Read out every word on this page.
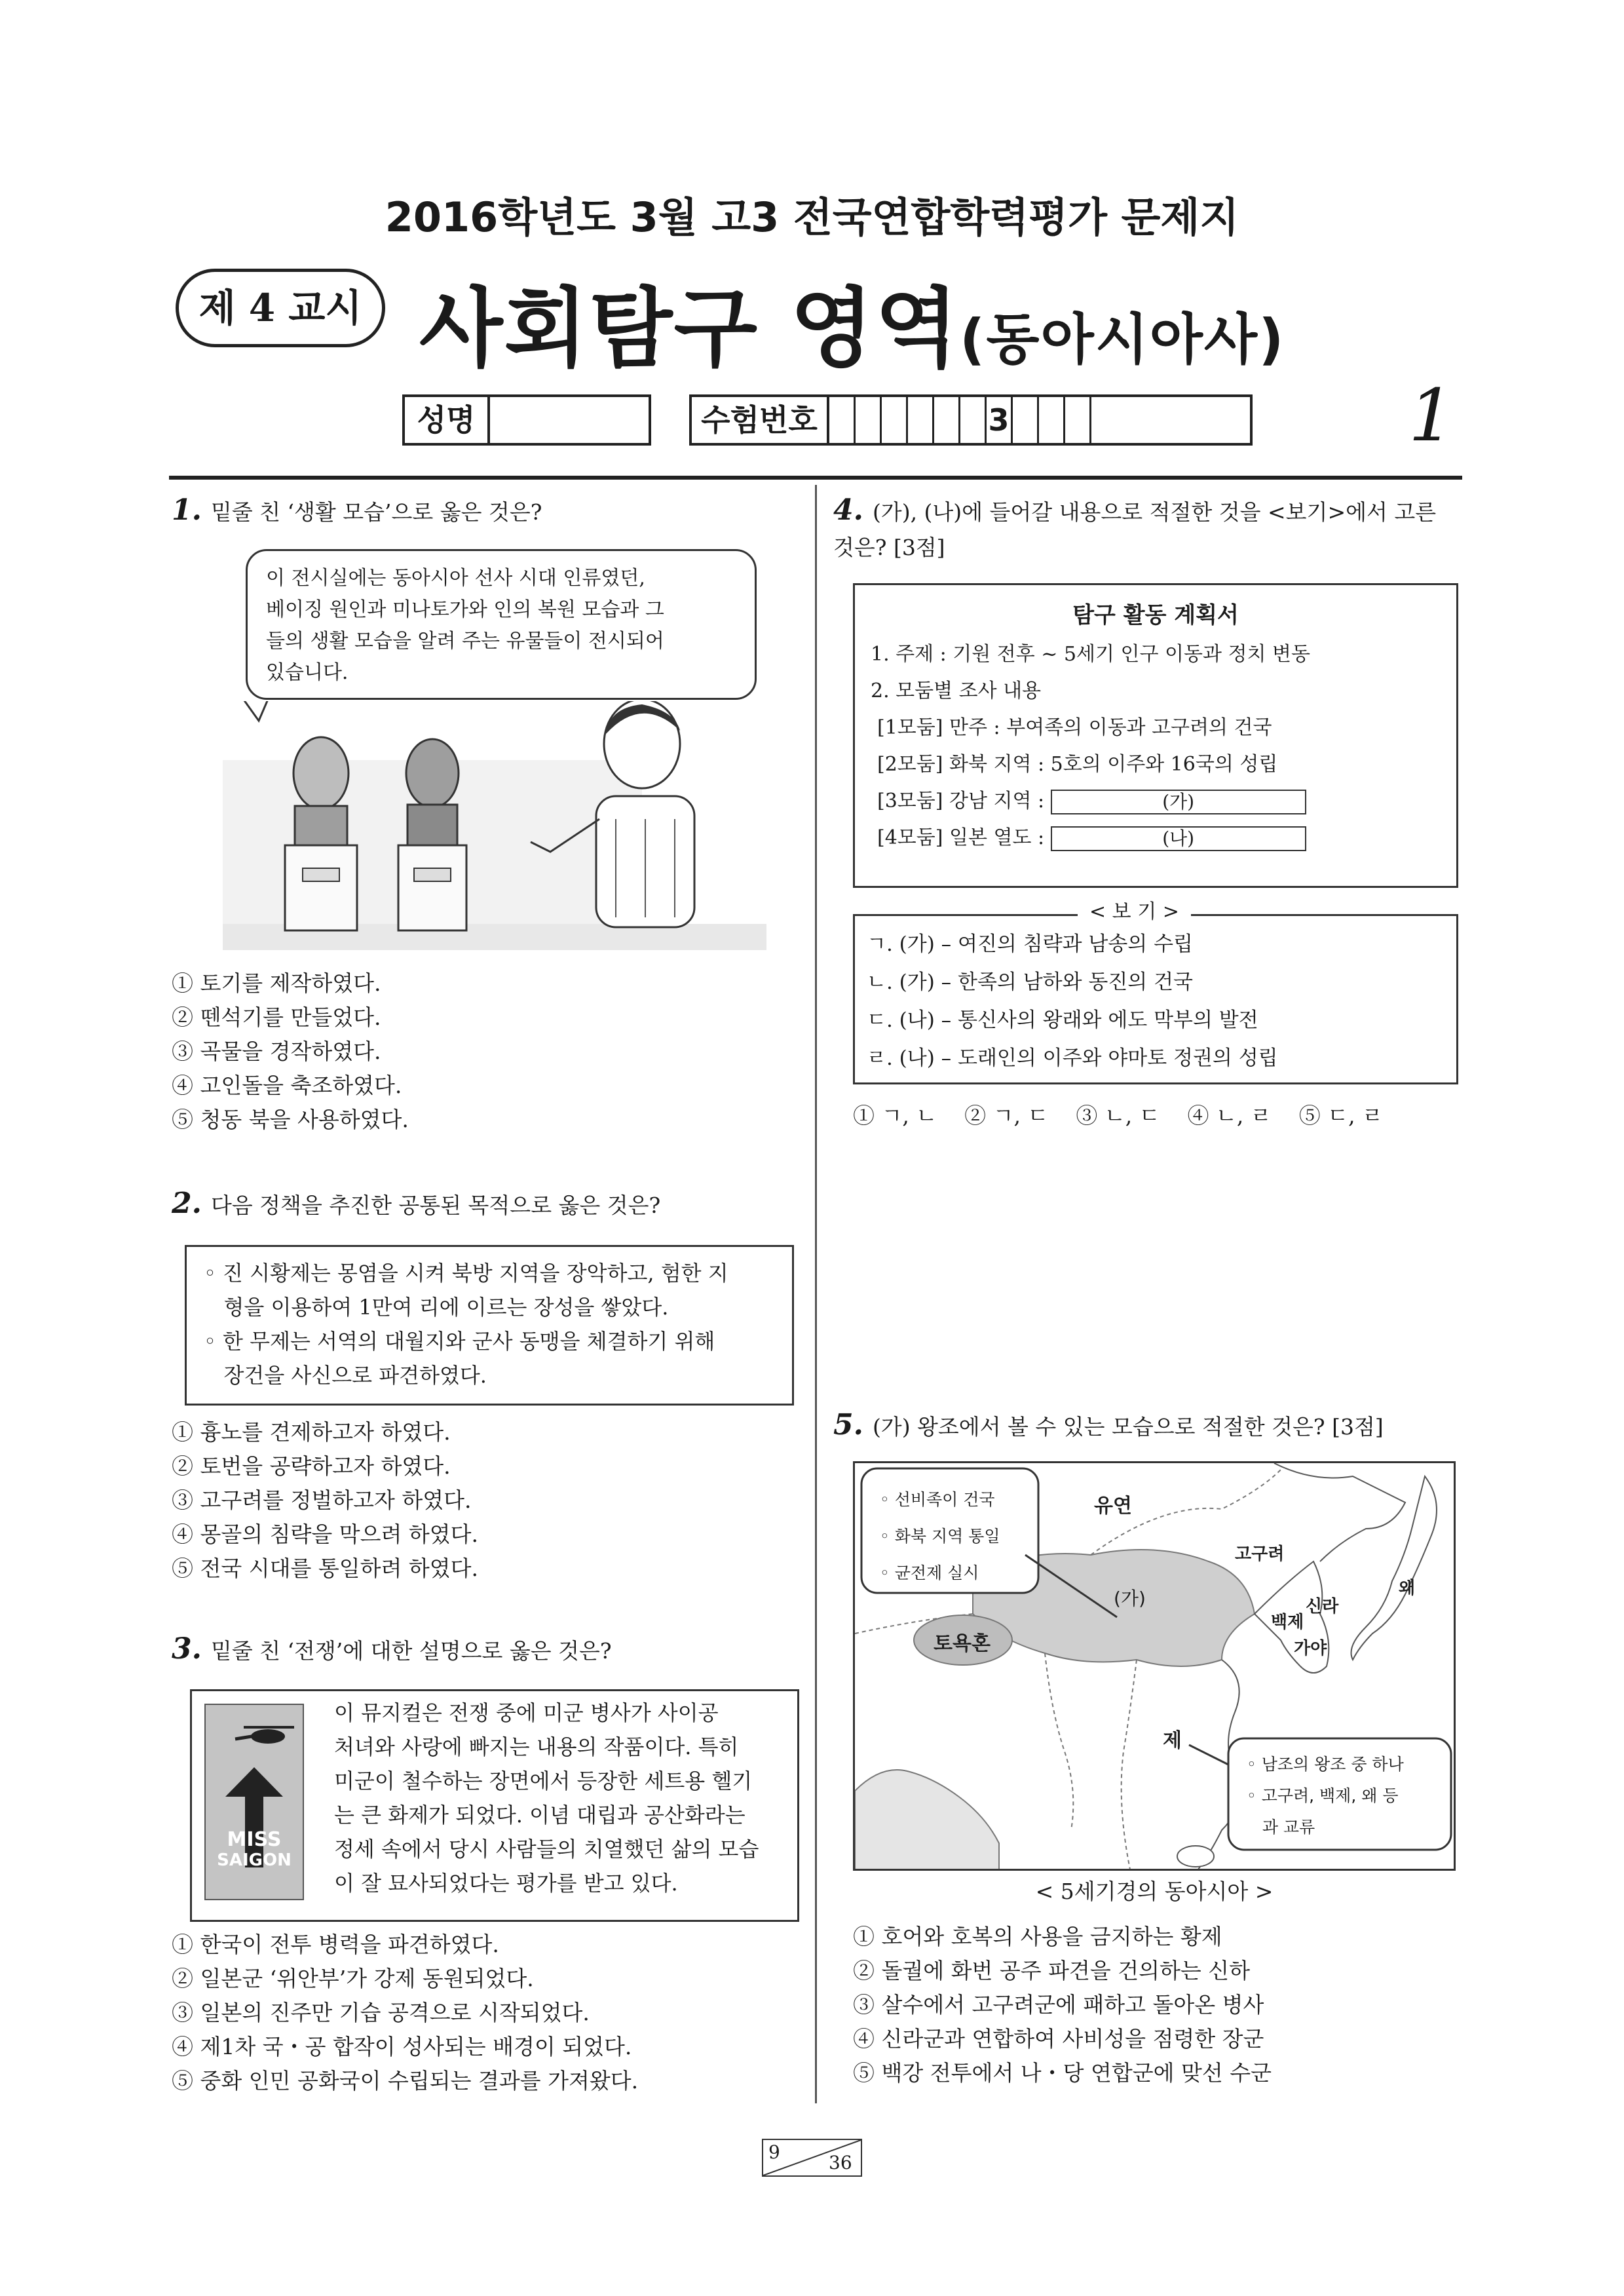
2016학년도 3월 고3 전국연합학력평가 문제지
제 4 교시 사회탐구 영역(동아시아사)
성명	수험번호	3	1
1. 밑줄 친 ‘생활 모습’으로 옳은 것은?
이 전시실에는 동아시아 선사 시대 인류였던,
베이징 원인과 미나토가와 인의 복원 모습과 그
들의 생활 모습을 알려 주는 유물들이 전시되어
있습니다.
① 토기를 제작하였다.
② 뗀석기를 만들었다.
③ 곡물을 경작하였다.
④ 고인돌을 축조하였다.
⑤ 청동 북을 사용하였다.
2. 다음 정책을 추진한 공통된 목적으로 옳은 것은?
◦ 진 시황제는 몽염을 시켜 북방 지역을 장악하고, 험한 지
형을 이용하여 1만여 리에 이르는 장성을 쌓았다.
◦ 한 무제는 서역의 대월지와 군사 동맹을 체결하기 위해
장건을 사신으로 파견하였다.
① 흉노를 견제하고자 하였다.
② 토번을 공략하고자 하였다.
③ 고구려를 정벌하고자 하였다.
④ 몽골의 침략을 막으려 하였다.
⑤ 전국 시대를 통일하려 하였다.
3. 밑줄 친 ‘전쟁’에 대한 설명으로 옳은 것은?
MISS
SAIGON
이 뮤지컬은 전쟁 중에 미군 병사가 사이공
처녀와 사랑에 빠지는 내용의 작품이다. 특히
미군이 철수하는 장면에서 등장한 세트용 헬기
는 큰 화제가 되었다. 이념 대립과 공산화라는
정세 속에서 당시 사람들의 치열했던 삶의 모습
이 잘 묘사되었다는 평가를 받고 있다.
① 한국이 전투 병력을 파견하였다.
② 일본군 ‘위안부’가 강제 동원되었다.
③ 일본의 진주만 기습 공격으로 시작되었다.
④ 제1차 국・공 합작이 성사되는 배경이 되었다.
⑤ 중화 인민 공화국이 수립되는 결과를 가져왔다.
4. (가), (나)에 들어갈 내용으로 적절한 것을 <보기>에서 고른
것은? [3점]
탐구 활동 계획서
1. 주제 : 기원 전후 ~ 5세기 인구 이동과 정치 변동
2. 모둠별 조사 내용
[1모둠] 만주 : 부여족의 이동과 고구려의 건국
[2모둠] 화북 지역 : 5호의 이주와 16국의 성립
[3모둠] 강남 지역 :	(가)
[4모둠] 일본 열도 :	(나)
< 보 기 >
ㄱ. (가) – 여진의 침략과 남송의 수립
ㄴ. (가) – 한족의 남하와 동진의 건국
ㄷ. (나) – 통신사의 왕래와 에도 막부의 발전
ㄹ. (나) – 도래인의 이주와 야마토 정권의 성립
① ㄱ, ㄴ    ② ㄱ, ㄷ    ③ ㄴ, ㄷ    ④ ㄴ, ㄹ    ⑤ ㄷ, ㄹ
5. (가) 왕조에서 볼 수 있는 모습으로 적절한 것은? [3점]
◦ 선비족이 건국
◦ 화북 지역 통일
◦ 균전제 실시
◦ 남조의 왕조 중 하나
◦ 고구려, 백제, 왜 등
과 교류
유연
(가)
토욕혼
고구려
백제
신라
가야
왜
제
< 5세기경의 동아시아 >
① 호어와 호복의 사용을 금지하는 황제
② 돌궐에 화번 공주 파견을 건의하는 신하
③ 살수에서 고구려군에 패하고 돌아온 병사
④ 신라군과 연합하여 사비성을 점령한 장군
⑤ 백강 전투에서 나・당 연합군에 맞선 수군
9	36
